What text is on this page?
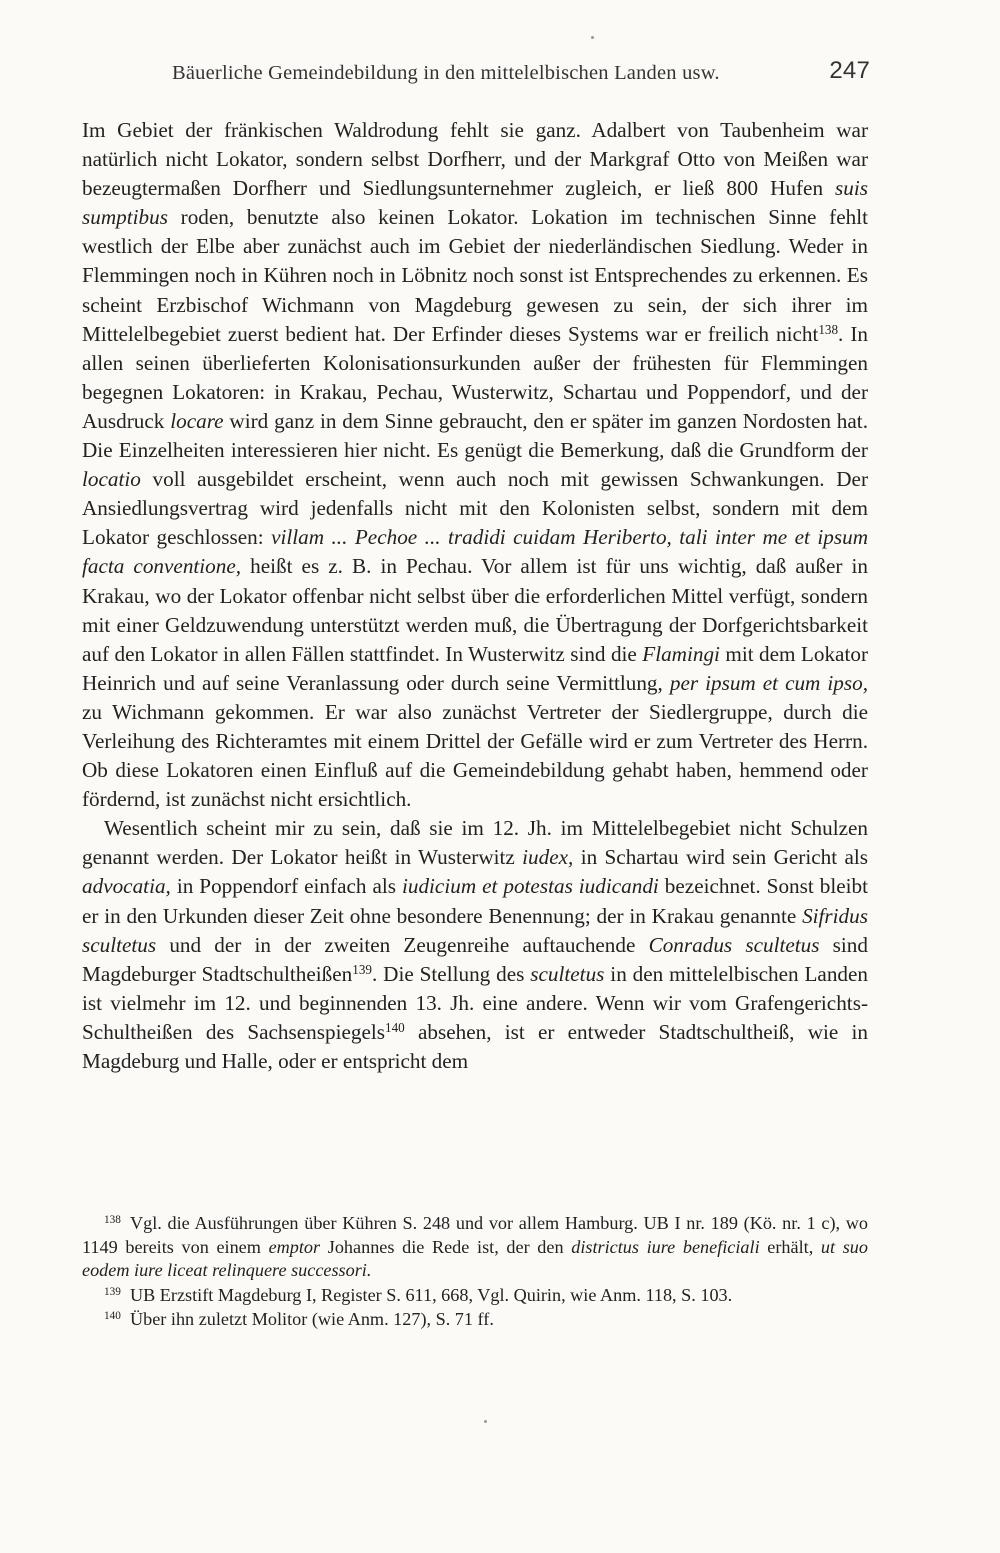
Bäuerliche Gemeindebildung in den mittelelbischen Landen usw.	247

Im Gebiet der fränkischen Waldrodung fehlt sie ganz. Adalbert von Taubenheim war natürlich nicht Lokator, sondern selbst Dorfherr, und der Markgraf Otto von Meißen war bezeugtermaßen Dorfherr und Siedlungsunternehmer zugleich, er ließ 800 Hufen suis sumptibus roden, benutzte also keinen Lokator. Lokation im technischen Sinne fehlt westlich der Elbe aber zunächst auch im Gebiet der niederländischen Siedlung. Weder in Flemmingen noch in Kühren noch in Löbnitz noch sonst ist Entsprechendes zu erkennen. Es scheint Erzbischof Wichmann von Magdeburg gewesen zu sein, der sich ihrer im Mittelelbegebiet zuerst bedient hat. Der Erfinder dieses Systems war er freilich nicht$^{138}$. In allen seinen überlieferten Kolonisationsurkunden außer der frühesten für Flemmingen begegnen Lokatoren: in Krakau, Pechau, Wusterwitz, Schartau und Poppendorf, und der Ausdruck locare wird ganz in dem Sinne gebraucht, den er später im ganzen Nordosten hat. Die Einzelheiten interessieren hier nicht. Es genügt die Bemerkung, daß die Grundform der locatio voll ausgebildet erscheint, wenn auch noch mit gewissen Schwankungen. Der Ansiedlungsvertrag wird jedenfalls nicht mit den Kolonisten selbst, sondern mit dem Lokator geschlossen: villam ... Pechoe ... tradidi cuidam Heriberto, tali inter me et ipsum facta conventione, heißt es z. B. in Pechau. Vor allem ist für uns wichtig, daß außer in Krakau, wo der Lokator offenbar nicht selbst über die erforderlichen Mittel verfügt, sondern mit einer Geldzuwendung unterstützt werden muß, die Übertragung der Dorfgerichtsbarkeit auf den Lokator in allen Fällen stattfindet. In Wusterwitz sind die Flamingi mit dem Lokator Heinrich und auf seine Veranlassung oder durch seine Vermittlung, per ipsum et cum ipso, zu Wichmann gekommen. Er war also zunächst Vertreter der Siedlergruppe, durch die Verleihung des Richteramtes mit einem Drittel der Gefälle wird er zum Vertreter des Herrn. Ob diese Lokatoren einen Einfluß auf die Gemeindebildung gehabt haben, hemmend oder fördernd, ist zunächst nicht ersichtlich.

Wesentlich scheint mir zu sein, daß sie im 12. Jh. im Mittelelbegebiet nicht Schulzen genannt werden. Der Lokator heißt in Wusterwitz iudex, in Schartau wird sein Gericht als advocatia, in Poppendorf einfach als iudicium et potestas iudicandi bezeichnet. Sonst bleibt er in den Urkunden dieser Zeit ohne besondere Benennung; der in Krakau genannte Sifridus scultetus und der in der zweiten Zeugenreihe auftauchende Conradus scultetus sind Magdeburger Stadtschultheißen$^{139}$. Die Stellung des scultetus in den mittelelbischen Landen ist vielmehr im 12. und beginnenden 13. Jh. eine andere. Wenn wir vom Grafengerichts-Schultheißen des Sachsenspiegels$^{140}$ absehen, ist er entweder Stadtschultheiß, wie in Magdeburg und Halle, oder er entspricht dem

$^{138}$  Vgl. die Ausführungen über Kühren S. 248 und vor allem Hamburg. UB I nr. 189 (Kö. nr. 1 c), wo 1149 bereits von einem emptor Johannes die Rede ist, der den districtus iure beneficiali erhält, ut suo eodem iure liceat relinquere successori.

$^{139}$  UB Erzstift Magdeburg I, Register S. 611, 668, Vgl. Quirin, wie Anm. 118, S. 103.

$^{140}$  Über ihn zuletzt Molitor (wie Anm. 127), S. 71 ff.
